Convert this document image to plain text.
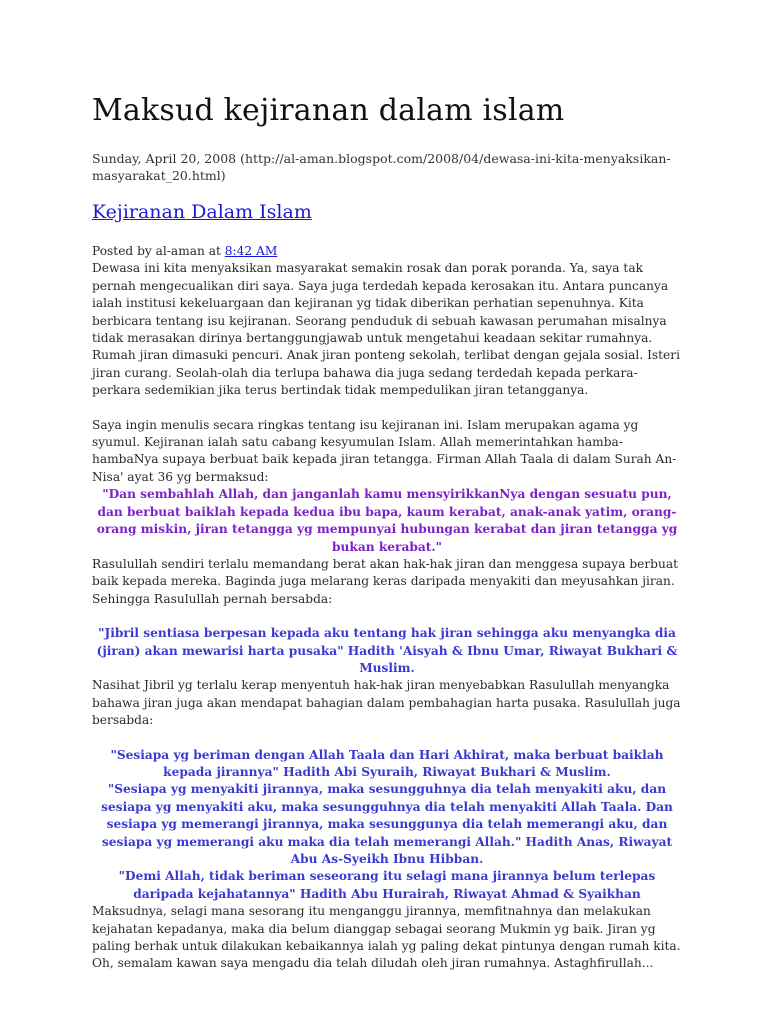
Maksud kejiranan dalam islam
Sunday, April 20, 2008 (http://al-aman.blogspot.com/2008/04/dewasa-ini-kita-menyaksikan-masyarakat_20.html)
Kejiranan Dalam Islam

Posted by al-aman at 8:42 AM

Dewasa ini kita menyaksikan masyarakat semakin rosak dan porak poranda. Ya, saya tak pernah mengecualikan diri saya. Saya juga terdedah kepada kerosakan itu. Antara puncanya ialah institusi kekeluargaan dan kejiranan yg tidak diberikan perhatian sepenuhnya. Kita berbicara tentang isu kejiranan. Seorang penduduk di sebuah kawasan perumahan misalnya tidak merasakan dirinya bertanggungjawab untuk mengetahui keadaan sekitar rumahnya. Rumah jiran dimasuki pencuri. Anak jiran ponteng sekolah, terlibat dengan gejala sosial. Isteri jiran curang. Seolah-olah dia terlupa bahawa dia juga sedang terdedah kepada perkara-perkara sedemikian jika terus bertindak tidak mempedulikan jiran tetangganya.

Saya ingin menulis secara ringkas tentang isu kejiranan ini. Islam merupakan agama yg syumul. Kejiranan ialah satu cabang kesyumulan Islam. Allah memerintahkan hamba-hambaNya supaya berbuat baik kepada jiran tetangga. Firman Allah Taala di dalam Surah An-Nisa' ayat 36 yg bermaksud:

"Dan sembahlah Allah, dan janganlah kamu mensyirikkanNya dengan sesuatu pun, dan berbuat baiklah kepada kedua ibu bapa, kaum kerabat, anak-anak yatim, orang-orang miskin, jiran tetangga yg mempunyai hubungan kerabat dan jiran tetangga yg bukan kerabat."

Rasulullah sendiri terlalu memandang berat akan hak-hak jiran dan menggesa supaya berbuat baik kepada mereka. Baginda juga melarang keras daripada menyakiti dan meyusahkan jiran. Sehingga Rasulullah pernah bersabda:

"Jibril sentiasa berpesan kepada aku tentang hak jiran sehingga aku menyangka dia (jiran) akan mewarisi harta pusaka" Hadith 'Aisyah & Ibnu Umar, Riwayat Bukhari & Muslim.

Nasihat Jibril yg terlalu kerap menyentuh hak-hak jiran menyebabkan Rasulullah menyangka bahawa jiran juga akan mendapat bahagian dalam pembahagian harta pusaka. Rasulullah juga bersabda:

"Sesiapa yg beriman dengan Allah Taala dan Hari Akhirat, maka berbuat baiklah kepada jirannya" Hadith Abi Syuraih, Riwayat Bukhari & Muslim.

"Sesiapa yg menyakiti jirannya, maka sesungguhnya dia telah menyakiti aku, dan sesiapa yg menyakiti aku, maka sesungguhnya dia telah menyakiti Allah Taala. Dan sesiapa yg memerangi jirannya, maka sesunggunya dia telah memerangi aku, dan sesiapa yg memerangi aku maka dia telah memerangi Allah." Hadith Anas, Riwayat Abu As-Syeikh Ibnu Hibban.

"Demi Allah, tidak beriman seseorang itu selagi mana jirannya belum terlepas daripada kejahatannya" Hadith Abu Hurairah, Riwayat Ahmad & Syaikhan

Maksudnya, selagi mana sesorang itu menganggu jirannya, memfitnahnya dan melakukan kejahatan kepadanya, maka dia belum dianggap sebagai seorang Mukmin yg baik. Jiran yg paling berhak untuk dilakukan kebaikannya ialah yg paling dekat pintunya dengan rumah kita. Oh, semalam kawan saya mengadu dia telah diludah oleh jiran rumahnya. Astaghfirullah...
